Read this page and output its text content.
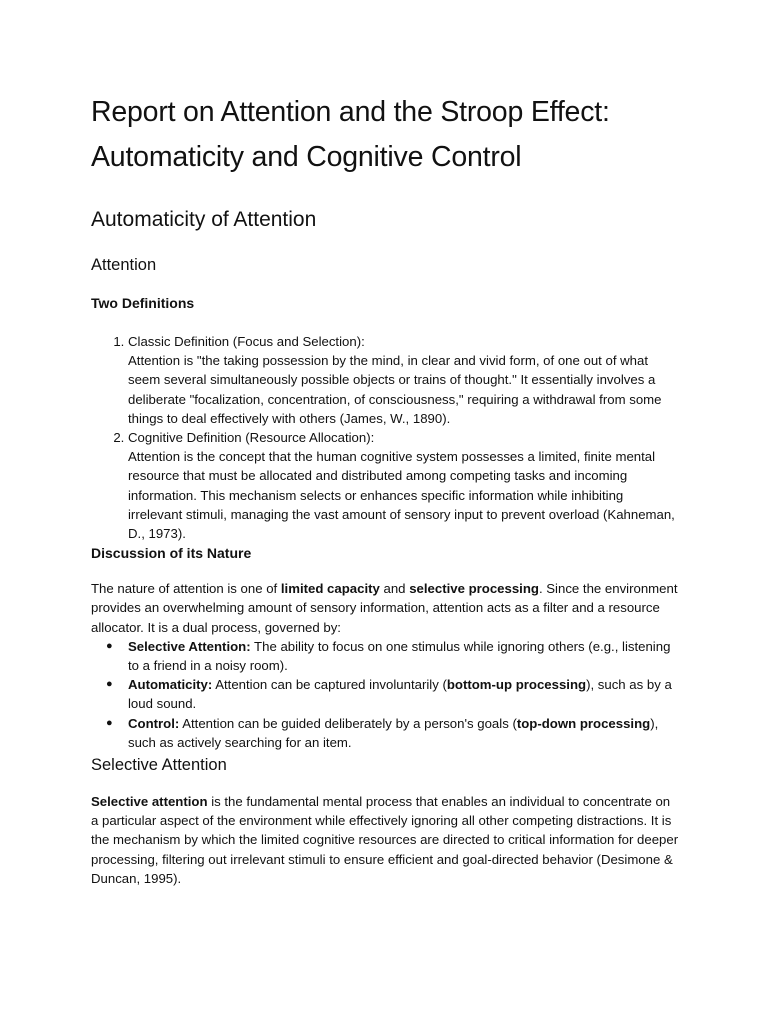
Report on Attention and the Stroop Effect: Automaticity and Cognitive Control
Automaticity of Attention
Attention
Two Definitions
1. Classic Definition (Focus and Selection):
Attention is "the taking possession by the mind, in clear and vivid form, of one out of what seem several simultaneously possible objects or trains of thought." It essentially involves a deliberate "focalization, concentration, of consciousness," requiring a withdrawal from some things to deal effectively with others (James, W., 1890).
2. Cognitive Definition (Resource Allocation):
Attention is the concept that the human cognitive system possesses a limited, finite mental resource that must be allocated and distributed among competing tasks and incoming information. This mechanism selects or enhances specific information while inhibiting irrelevant stimuli, managing the vast amount of sensory input to prevent overload (Kahneman, D., 1973).
Discussion of its Nature

The nature of attention is one of limited capacity and selective processing. Since the environment provides an overwhelming amount of sensory information, attention acts as a filter and a resource allocator. It is a dual process, governed by:

● Selective Attention: The ability to focus on one stimulus while ignoring others (e.g., listening to a friend in a noisy room).
● Automaticity: Attention can be captured involuntarily (bottom-up processing), such as by a loud sound.
● Control: Attention can be guided deliberately by a person's goals (top-down processing), such as actively searching for an item.
Selective Attention

Selective attention is the fundamental mental process that enables an individual to concentrate on a particular aspect of the environment while effectively ignoring all other competing distractions. It is the mechanism by which the limited cognitive resources are directed to critical information for deeper processing, filtering out irrelevant stimuli to ensure efficient and goal-directed behavior (Desimone & Duncan, 1995).
